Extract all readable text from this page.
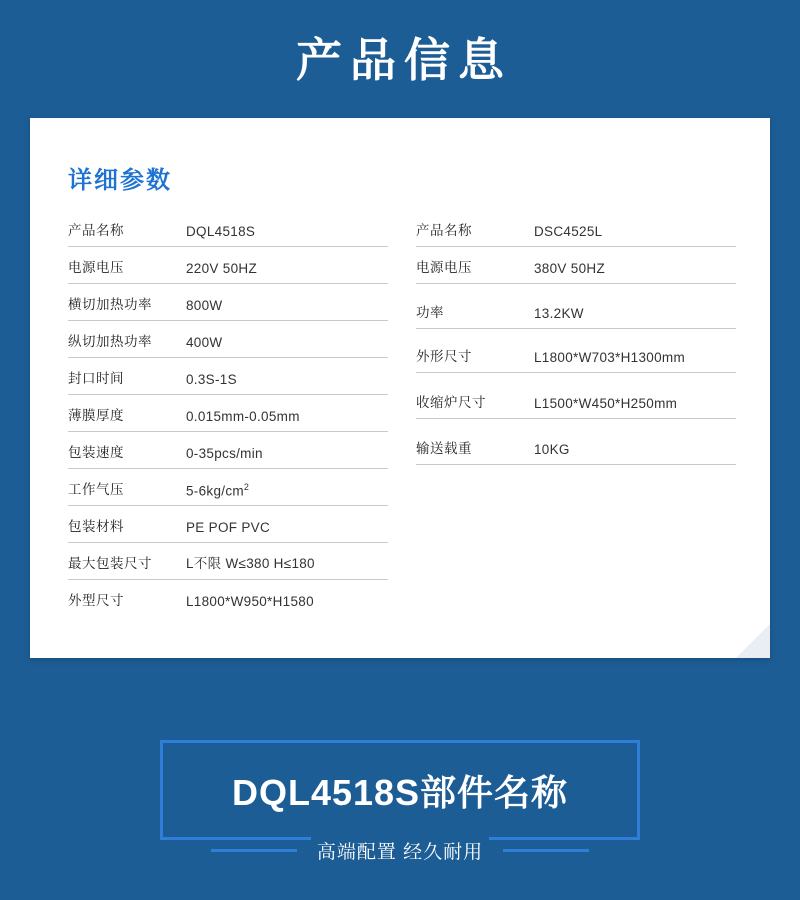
产品信息
详细参数
产品名称	DQL4518S
电源电压	220V 50HZ
横切加热功率	800W
纵切加热功率	400W
封口时间	0.3S-1S
薄膜厚度	0.015mm-0.05mm
包装速度	0-35pcs/min
工作气压	$5-6kg/cm^2$
包装材料	PE POF PVC
最大包装尺寸	L不限 W≤380 H≤180
外型尺寸	L1800*W950*H1580
产品名称	DSC4525L
电源电压	380V 50HZ
功率	13.2KW
外形尺寸	L1800*W703*H1300mm
收缩炉尺寸	L1500*W450*H250mm
输送载重	10KG
DQL4518S部件名称
高端配置 经久耐用
